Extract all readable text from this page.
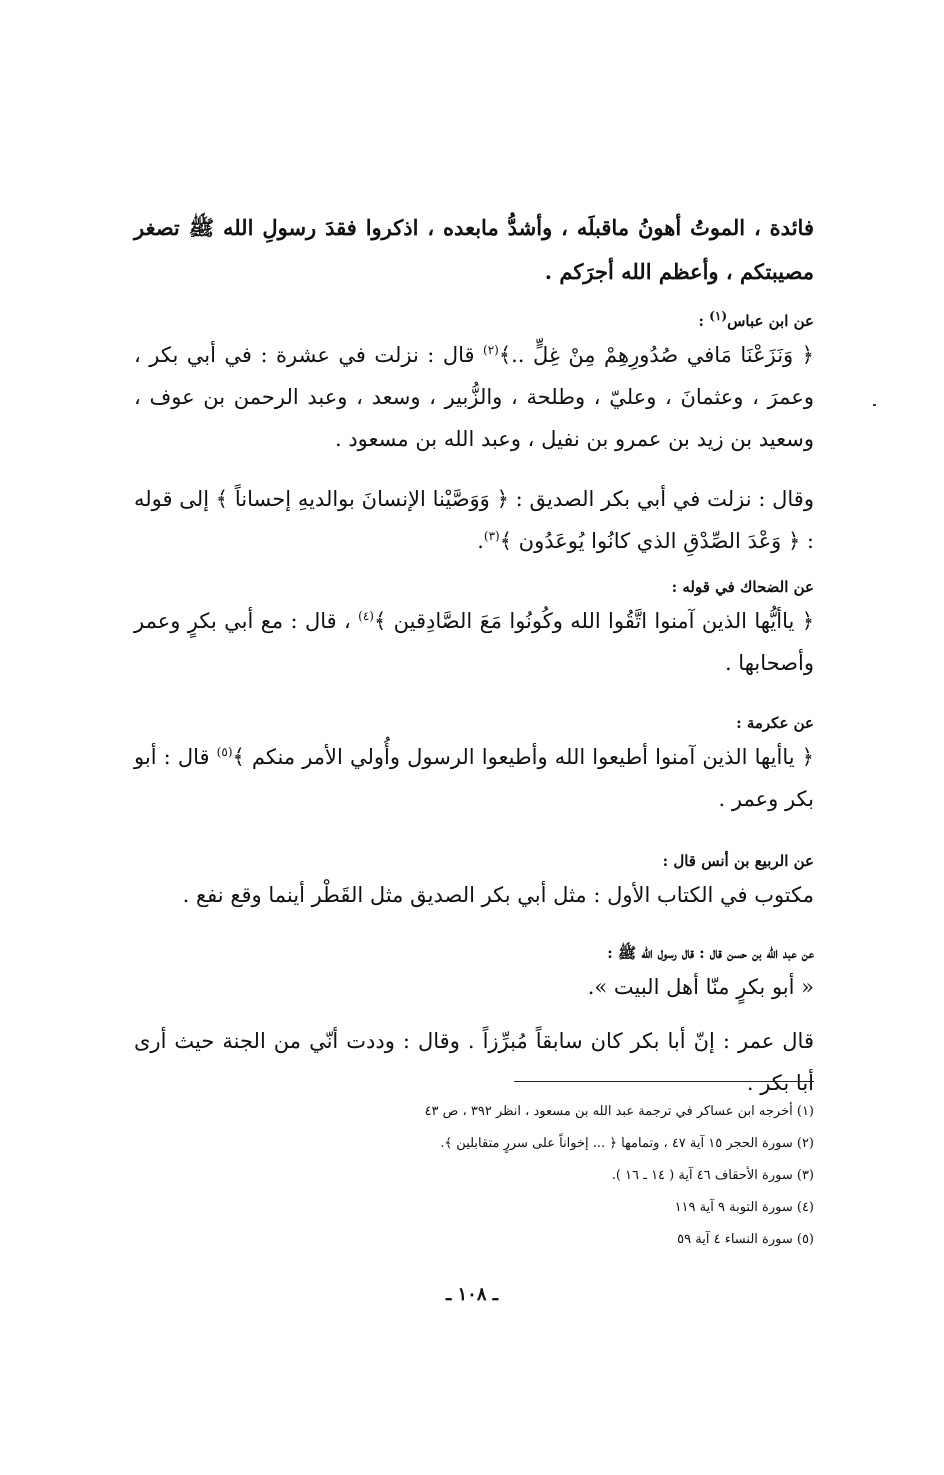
فائدة ، الموتُ أهونُ ماقبلَه ، وأشدُّ مابعده ، اذكروا فقدَ رسولِ الله ﷺ تصغر مصيبتكم ، وأعظم الله أجرَكم .

عن ابن عباس$^{(١)}$ :
﴿ وَنَزَعْنَا مَافي صُدُورِهِمْ مِنْ غِلٍّ ..﴾$^{(٢)}$ قال : نزلت في عشرة : في أبي بكر ، وعمرَ ، وعثمانَ ، وعليّ ، وطلحة ، والزُّبير ، وسعد ، وعبد الرحمن بن عوف ، وسعيد بن زيد بن عمرو بن نفيل ، وعبد الله بن مسعود .
وقال : نزلت في أبي بكر الصديق : ﴿ وَوَصَّيْنا الإنسانَ بوالديهِ إحساناً ﴾ إلى قوله : ﴿ وَعْدَ الصِّدْقِ الذي كانُوا يُوعَدُون ﴾$^{(٣)}$.
عن الضحاك في قوله :
﴿ ياأيُّها الذين آمنوا اتَّقُوا الله وكُونُوا مَعَ الصَّادِقين ﴾$^{(٤)}$ ، قال : مع أبي بكرٍ وعمر وأصحابها .
عن عكرمة :
﴿ ياأيها الذين آمنوا أطيعوا الله وأطيعوا الرسول وأُولي الأمر منكم ﴾$^{(٥)}$ قال : أبو بكر وعمر .
عن الربيع بن أنس قال :
مكتوب في الكتاب الأول : مثل أبي بكر الصديق مثل القَطْر أينما وقع نفع .
عن عبد الله بن حسن قال : قال رسول الله ﷺ :
« أبو بكرٍ منّا أهل البيت ».
قال عمر : إنّ أبا بكر كان سابقاً مُبرِّزاً . وقال : وددت أنّي من الجنة حيث أرى أبا بكر .
(١) أخرجه ابن عساكر في ترجمة عبد الله بن مسعود ، انظر ٣٩٢ ، ص ٤٣
(٢) سورة الحجر ١٥ آية ٤٧ ، وتمامها ﴿ ... إخواناً على سررٍ متقابلين ﴾.
(٣) سورة الأحقاف ٤٦ آية ( ١٤ ـ ١٦ ).
(٤) سورة التوبة ٩ آية ١١٩
(٥) سورة النساء ٤ آية ٥٩
ـ ١٠٨ ـ
